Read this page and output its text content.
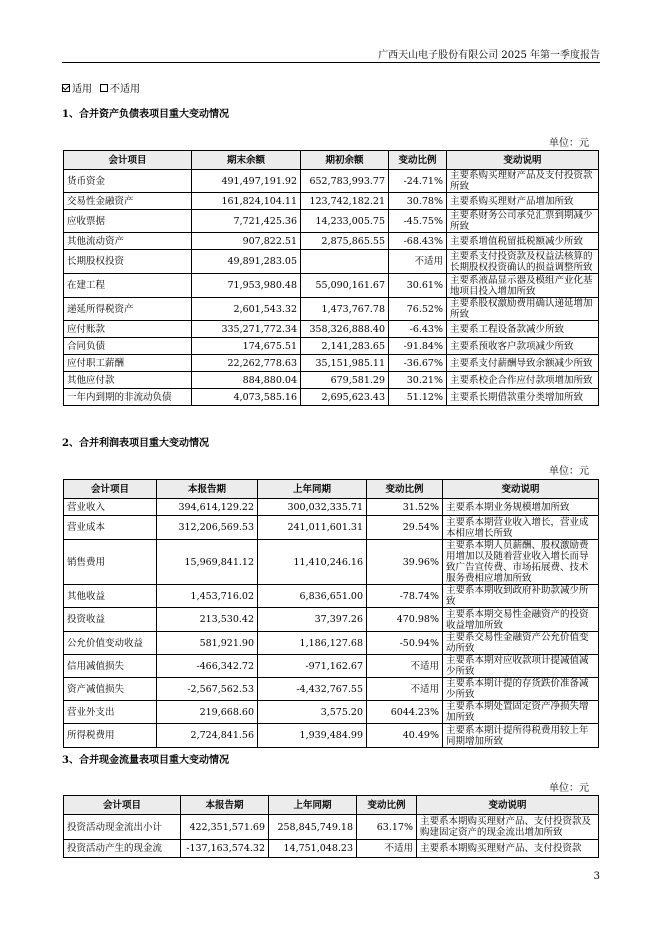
广西天山电子股份有限公司 2025 年第一季度报告
适用 不适用
1、合并资产负债表项目重大变动情况
单位：元
会计项目	期末余额	期初余额	变动比例	变动说明
货币资金	491,497,191.92	652,783,993.77	-24.71%	主要系购买理财产品及支付投资款所致
交易性金融资产	161,824,104.11	123,742,182.21	30.78%	主要系购买理财产品增加所致
应收票据	7,721,425.36	14,233,005.75	-45.75%	主要系财务公司承兑汇票到期减少所致
其他流动资产	907,822.51	2,875,865.55	-68.43%	主要系增值税留抵税额减少所致
长期股权投资	49,891,283.05		不适用	主要系支付投资款及权益法核算的长期股权投资确认的损益调整所致
在建工程	71,953,980.48	55,090,161.67	30.61%	主要系液晶显示器及模组产业化基地项目投入增加所致
递延所得税资产	2,601,543.32	1,473,767.78	76.52%	主要系股权激励费用确认递延增加所致
应付账款	335,271,772.34	358,326,888.40	-6.43%	主要系工程设备款减少所致
合同负债	174,675.51	2,141,283.65	-91.84%	主要系预收客户款项减少所致
应付职工薪酬	22,262,778.63	35,151,985.11	-36.67%	主要系支付薪酬导致余额减少所致
其他应付款	884,880.04	679,581.29	30.21%	主要系校企合作应付款项增加所致
一年内到期的非流动负债	4,073,585.16	2,695,623.43	51.12%	主要系长期借款重分类增加所致
2、合并利润表项目重大变动情况
单位：元
会计项目	本报告期	上年同期	变动比例	变动说明
营业收入	394,614,129.22	300,032,335.71	31.52%	主要系本期业务规模增加所致
营业成本	312,206,569.53	241,011,601.31	29.54%	主要系本期营业收入增长，营业成本相应增长所致
销售费用	15,969,841.12	11,410,246.16	39.96%	主要系本期人员薪酬、股权激励费用增加以及随着营业收入增长而导致广告宣传费、市场拓展费、技术服务费相应增加所致
其他收益	1,453,716.02	6,836,651.00	-78.74%	主要系本期收到政府补助款减少所致
投资收益	213,530.42	37,397.26	470.98%	主要系本期交易性金融资产的投资收益增加所致
公允价值变动收益	581,921.90	1,186,127.68	-50.94%	主要系交易性金融资产公允价值变动所致
信用减值损失	-466,342.72	-971,162.67	不适用	主要系本期对应收款项计提减值减少所致
资产减值损失	-2,567,562.53	-4,432,767.55	不适用	主要系本期计提的存货跌价准备减少所致
营业外支出	219,668.60	3,575.20	6044.23%	主要系本期处置固定资产净损失增加所致
所得税费用	2,724,841.56	1,939,484.99	40.49%	主要系本期计提所得税费用较上年同期增加所致
3、合并现金流量表项目重大变动情况
单位：元
会计项目	本报告期	上年同期	变动比例	变动说明
投资活动现金流出小计	422,351,571.69	258,845,749.18	63.17%	主要系本期购买理财产品、支付投资款及购建固定资产的现金流出增加所致
投资活动产生的现金流	-137,163,574.32	14,751,048.23	不适用	主要系本期购买理财产品、支付投资款
3
